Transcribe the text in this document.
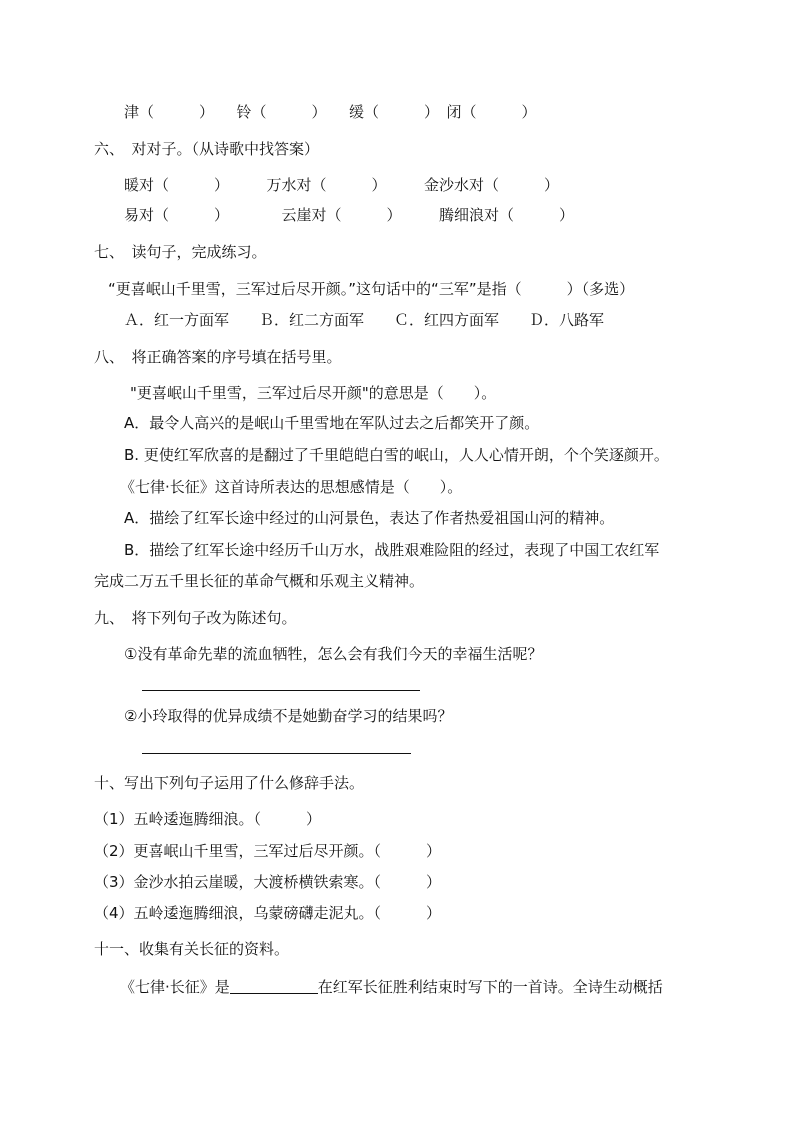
津（　　　）　　铃（　　　）　　缓（　　　）　闭（　　　）
六、　对对子。（从诗歌中找答案）
暖对（　　　）　　　万水对（　　　）　　　金沙水对（　　　）
易对（　　　）　　　　云崖对（　　　）　　　腾细浪对（　　　）
七、　读句子，完成练习。
“更喜岷山千里雪，三军过后尽开颜。”这句话中的“三军”是指（　　　）（多选）
Ａ．红一方面军　　Ｂ．红二方面军　　Ｃ．红四方面军　　Ｄ．八路军
八、　将正确答案的序号填在括号里。
"更喜岷山千里雪，三军过后尽开颜"的意思是（　　）。
A．最令人高兴的是岷山千里雪地在军队过去之后都笑开了颜。
B. 更使红军欣喜的是翻过了千里皑皑白雪的岷山，人人心情开朗，个个笑逐颜开。
《七律·长征》这首诗所表达的思想感情是（　　）。
A．描绘了红军长途中经过的山河景色，表达了作者热爱祖国山河的精神。
B．描绘了红军长途中经历千山万水，战胜艰难险阻的经过，表现了中国工农红军
完成二万五千里长征的革命气概和乐观主义精神。
九、　将下列句子改为陈述句。
①没有革命先辈的流血牺牲，怎么会有我们今天的幸福生活呢？
②小玲取得的优异成绩不是她勤奋学习的结果吗？
十、写出下列句子运用了什么修辞手法。
（1）五岭逶迤腾细浪。（　　　）
（2）更喜岷山千里雪，三军过后尽开颜。（　　　）
（3）金沙水拍云崖暖，大渡桥横铁索寒。（　　　）
（4）五岭逶迤腾细浪，乌蒙磅礴走泥丸。（　　　）
十一、收集有关长征的资料。
《七律·长征》是	在红军长征胜利结束时写下的一首诗。全诗生动概括
